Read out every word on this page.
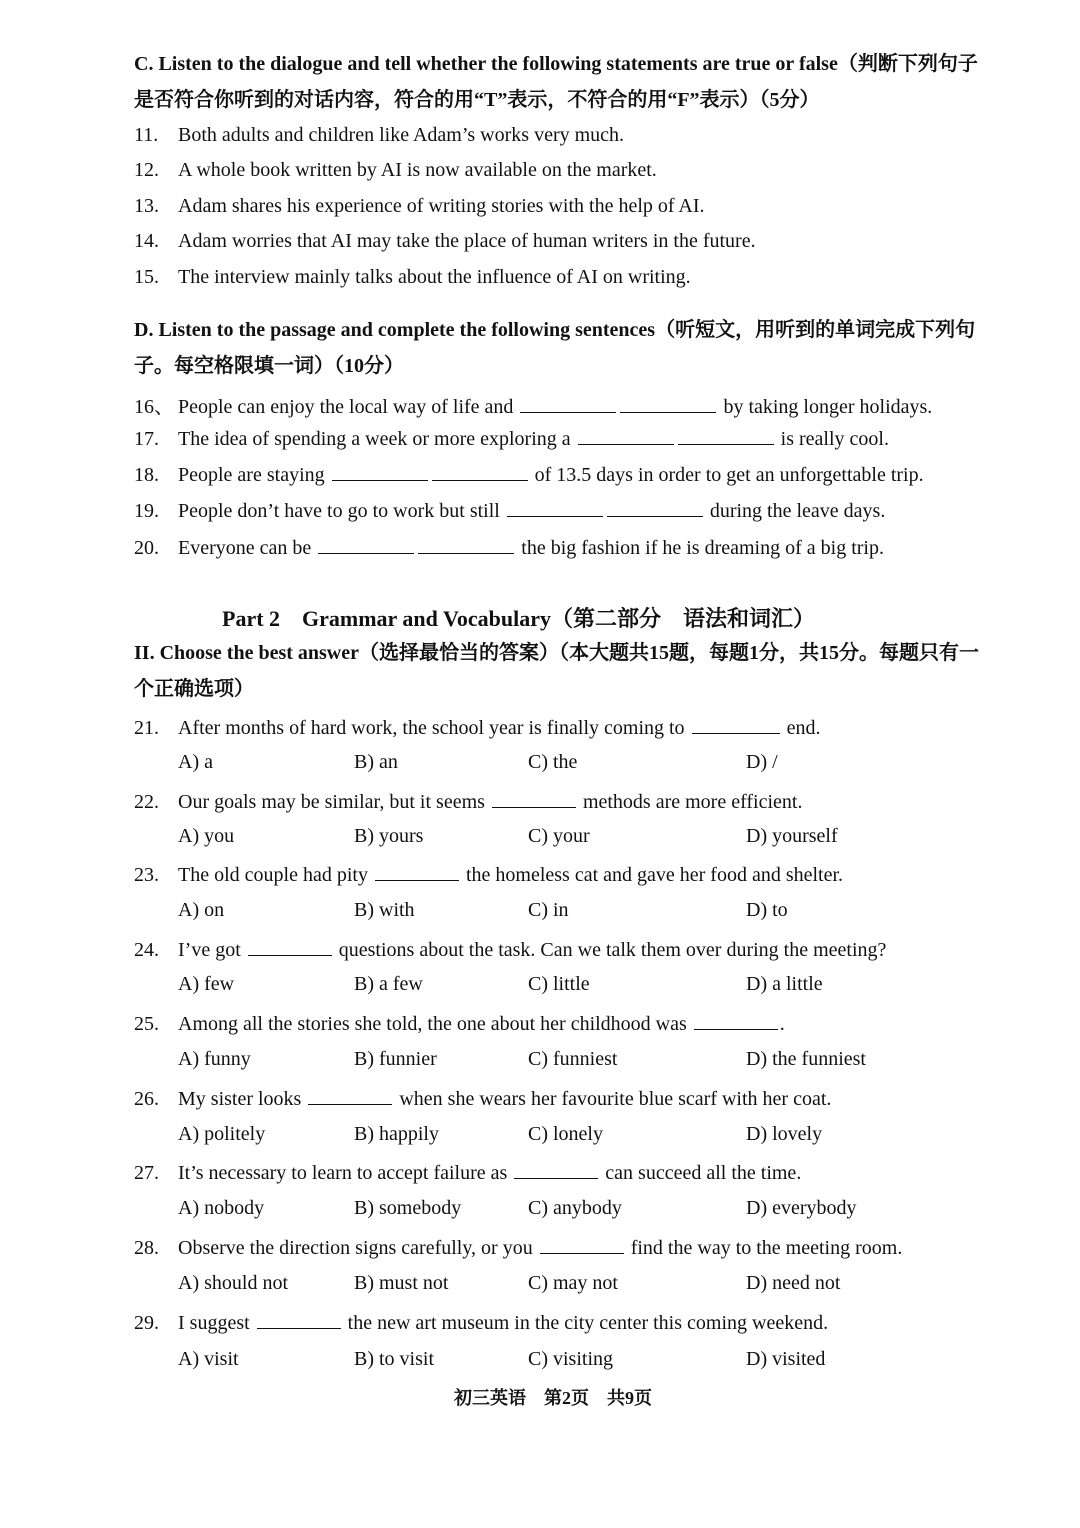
C. Listen to the dialogue and tell whether the following statements are true or false（判断下列句子是否符合你听到的对话内容，符合的用“T”表示，不符合的用“F”表示）（5分）
11. Both adults and children like Adam’s works very much.
12. A whole book written by AI is now available on the market.
13. Adam shares his experience of writing stories with the help of AI.
14. Adam worries that AI may take the place of human writers in the future.
15. The interview mainly talks about the influence of AI on writing.
D. Listen to the passage and complete the following sentences（听短文，用听到的单词完成下列句子。每空格限填一词）（10分）
16、 People can enjoy the local way of life and	by taking longer holidays.
17. The idea of spending a week or more exploring a	is really cool.
18. People are staying	of 13.5 days in order to get an unforgettable trip.
19. People don’t have to go to work but still	during the leave days.
20. Everyone can be	the big fashion if he is dreaming of a big trip.
Part 2　Grammar and Vocabulary（第二部分　语法和词汇）
II. Choose the best answer（选择最恰当的答案）（本大题共15题，每题1分，共15分。每题只有一个正确选项）
21. After months of hard work, the school year is finally coming to	end.
A) a	B) an	C) the	D) /
22. Our goals may be similar, but it seems	methods are more efficient.
A) you	B) yours	C) your	D) yourself
23. The old couple had pity	the homeless cat and gave her food and shelter.
A) on	B) with	C) in	D) to
24. I’ve got	questions about the task. Can we talk them over during the meeting?
A) few	B) a few	C) little	D) a little
25. Among all the stories she told, the one about her childhood was	.
A) funny	B) funnier	C) funniest	D) the funniest
26. My sister looks	when she wears her favourite blue scarf with her coat.
A) politely	B) happily	C) lonely	D) lovely
27. It’s necessary to learn to accept failure as	can succeed all the time.
A) nobody	B) somebody	C) anybody	D) everybody
28. Observe the direction signs carefully, or you	find the way to the meeting room.
A) should not	B) must not	C) may not	D) need not
29. I suggest	the new art museum in the city center this coming weekend.
A) visit	B) to visit	C) visiting	D) visited
初三英语　第2页　共9页
